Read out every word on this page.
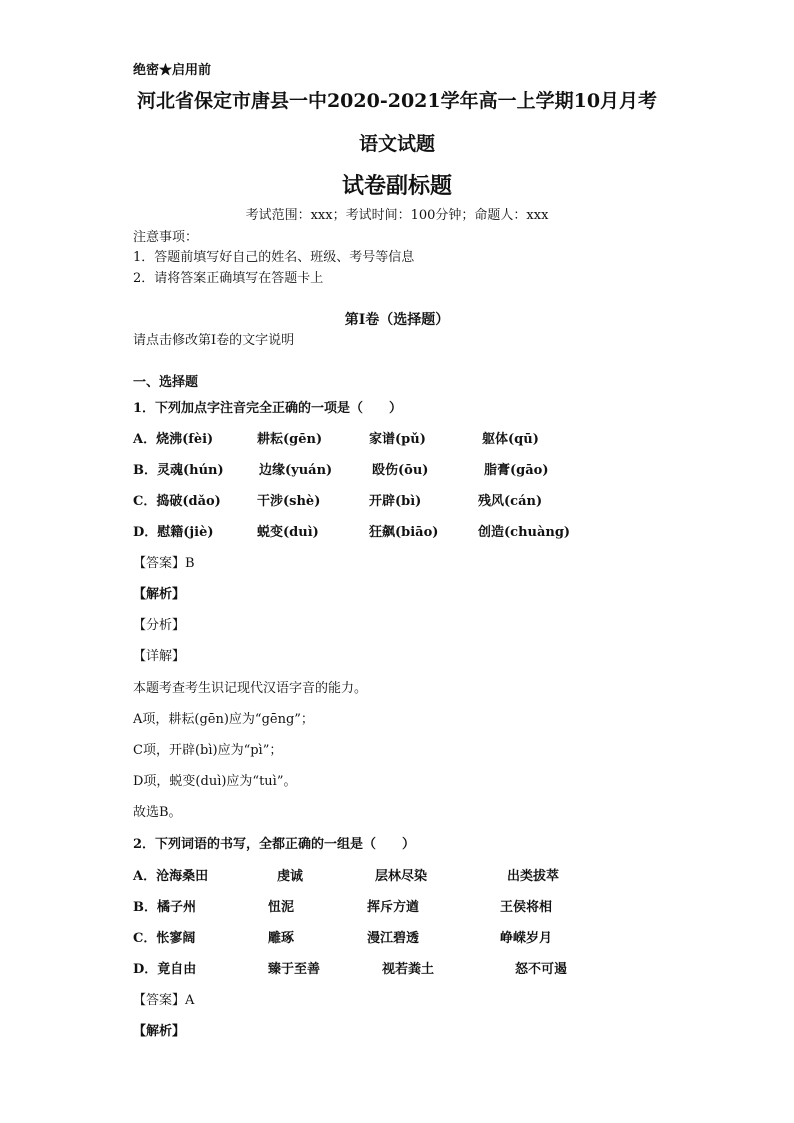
绝密★启用前
河北省保定市唐县一中2020-2021学年高一上学期10月月考
语文试题
试卷副标题
考试范围：xxx；考试时间：100分钟；命题人：xxx
注意事项：
1．答题前填写好自己的姓名、班级、考号等信息
2．请将答案正确填写在答题卡上
第I卷（选择题）
请点击修改第I卷的文字说明
一、选择题
1．下列加点字注音完全正确的一项是（　　）
A．烧沸(fèi)	耕耘(gēn)	家谱(pǔ)	躯体(qū)
B．灵魂(hún)	边缘(yuán)	殴伤(ōu)	脂膏(gāo)
C．捣破(dǎo)	干涉(shè)	开辟(bì)	残风(cán)
D．慰籍(jiè)	蜕变(duì)	狂飙(biāo)	创造(chuàng)
【答案】B
【解析】
【分析】
【详解】
本题考查考生识记现代汉语字音的能力。
A项，耕耘(gēn)应为“gēng”；
C项，开辟(bì)应为“pì”；
D项，蜕变(duì)应为“tuì”。
故选B。
2．下列词语的书写，全都正确的一组是（　　）
A．沧海桑田	虔诚	层林尽染	出类拔萃
B．橘子州	忸泥	挥斥方遒	王侯将相
C．怅寥阔	雕琢	漫江碧透	峥嵘岁月
D．竟自由	臻于至善	视若粪土	怒不可遏
【答案】A
【解析】
